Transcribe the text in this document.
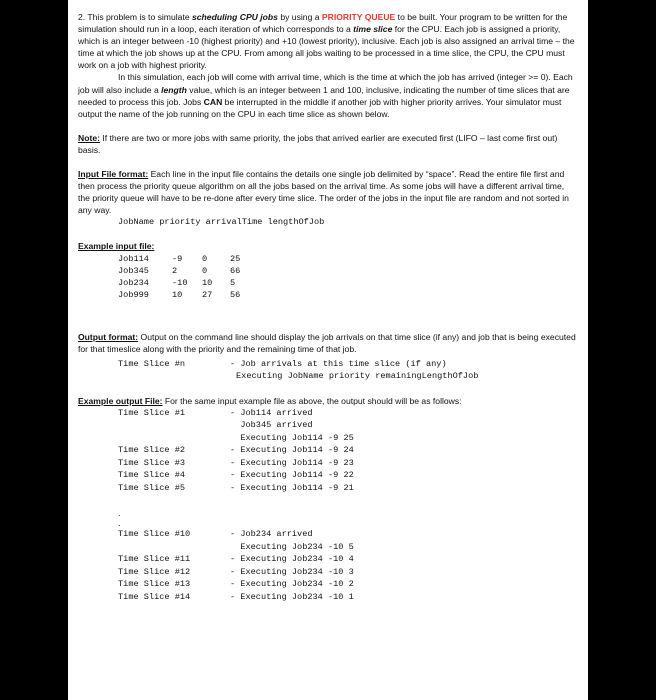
2. This problem is to simulate scheduling CPU jobs by using a PRIORITY QUEUE to be built. Your program to be written for the simulation should run in a loop, each iteration of which corresponds to a time slice for the CPU. Each job is assigned a priority, which is an integer between -10 (highest priority) and +10 (lowest priority), inclusive. Each job is also assigned an arrival time – the time at which the job shows up at the CPU. From among all jobs waiting to be processed in a time slice, the CPU, the CPU must work on a job with highest priority.

In this simulation, each job will come with arrival time, which is the time at which the job has arrived (integer >= 0). Each job will also include a length value, which is an integer between 1 and 100, inclusive, indicating the number of time slices that are needed to process this job. Jobs CAN be interrupted in the middle if another job with higher priority arrives. Your simulator must output the name of the job running on the CPU in each time slice as shown below.

Note: If there are two or more jobs with same priority, the jobs that arrived earlier are executed first (LIFO – last come first out) basis.

Input File format: Each line in the input file contains the details one single job delimited by “space”. Read the entire file first and then process the priority queue algorithm on all the jobs based on the arrival time. As some jobs will have a different arrival time, the priority queue will have to be re-done after every time slice. The order of the jobs in the input file are random and not sorted in any way.

JobName priority arrivalTime lengthOfJob

Example input file:

Job114	-9	0	25
Job345	2	0	66
Job234	-10	10	5
Job999	10	27	56

Output format: Output on the command line should display the job arrivals on that time slice (if any) and job that is being executed for that timeslice along with the priority and the remaining time of that job.

Time Slice #n	- Job arrivals at this time slice (if any)
	Executing JobName priority remainingLengthOfJob

Example output File: For the same input example file as above, the output should will be as follows:

Time Slice #1	- Job114 arrived
	Job345 arrived
	Executing Job114 -9 25
Time Slice #2	- Executing Job114 -9 24
Time Slice #3	- Executing Job114 -9 23
Time Slice #4	- Executing Job114 -9 22
Time Slice #5	- Executing Job114 -9 21
.
.
Time Slice #10	- Job234 arrived
	Executing Job234 -10 5
Time Slice #11	- Executing Job234 -10 4
Time Slice #12	- Executing Job234 -10 3
Time Slice #13	- Executing Job234 -10 2
Time Slice #14	- Executing Job234 -10 1
